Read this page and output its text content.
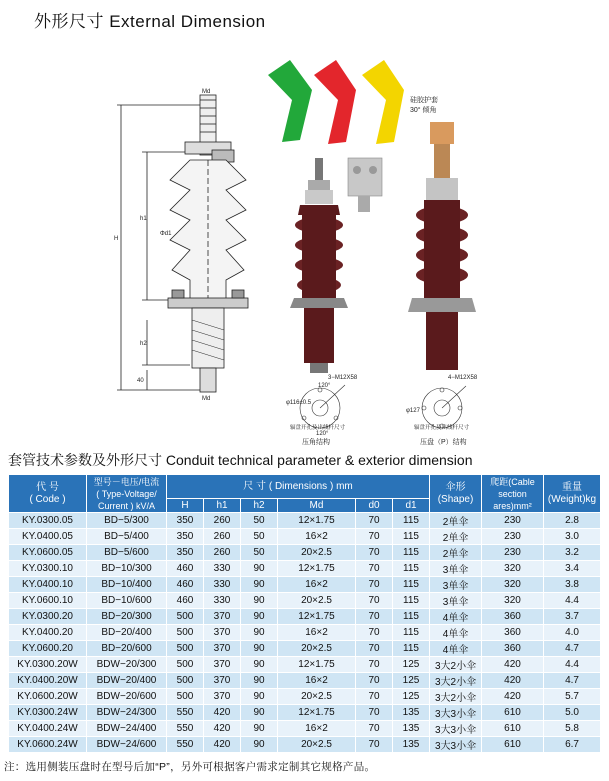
外形尺寸 External Dimension
Md
Md
h1
H
Φd1
h2
40
硅胶护套
30° 倾角
3−M12X58
120°
φ116±0.5
120°
压角结构
4−M12X58
φ127
压盘（P）结构
辐盘开孔及出线杆尺寸	辐盘开孔及出线杆尺寸
套管技术参数及外形尺寸 Conduit technical parameter & exterior dimension
代 号
( Code )	型号－电压/电流
( Type-Voltage/
Current ) kV/A	尺 寸 ( Dimensions ) mm						伞形
(Shape)	爬距(Cable
section
ares)mm²	重量
(Weight)kg
		H	h1	h2	Md	d0	d1			
KY.0300.05	BD−5/300	350	260	50	12×1.75	70	115	2单伞	230	2.8
KY.0400.05	BD−5/400	350	260	50	16×2	70	115	2单伞	230	3.0
KY.0600.05	BD−5/600	350	260	50	20×2.5	70	115	2单伞	230	3.2
KY.0300.10	BD−10/300	460	330	90	12×1.75	70	115	3单伞	320	3.4
KY.0400.10	BD−10/400	460	330	90	16×2	70	115	3单伞	320	3.8
KY.0600.10	BD−10/600	460	330	90	20×2.5	70	115	3单伞	320	4.4
KY.0300.20	BD−20/300	500	370	90	12×1.75	70	115	4单伞	360	3.7
KY.0400.20	BD−20/400	500	370	90	16×2	70	115	4单伞	360	4.0
KY.0600.20	BD−20/600	500	370	90	20×2.5	70	115	4单伞	360	4.7
KY.0300.20W	BDW−20/300	500	370	90	12×1.75	70	125	3大2小伞	420	4.4
KY.0400.20W	BDW−20/400	500	370	90	16×2	70	125	3大2小伞	420	4.7
KY.0600.20W	BDW−20/600	500	370	90	20×2.5	70	125	3大2小伞	420	5.7
KY.0300.24W	BDW−24/300	550	420	90	12×1.75	70	135	3大3小伞	610	5.0
KY.0400.24W	BDW−24/400	550	420	90	16×2	70	135	3大3小伞	610	5.8
KY.0600.24W	BDW−24/600	550	420	90	20×2.5	70	135	3大3小伞	610	6.7
注：选用侧装压盘时在型号后加“P”，另外可根据客户需求定制其它规格产品。
